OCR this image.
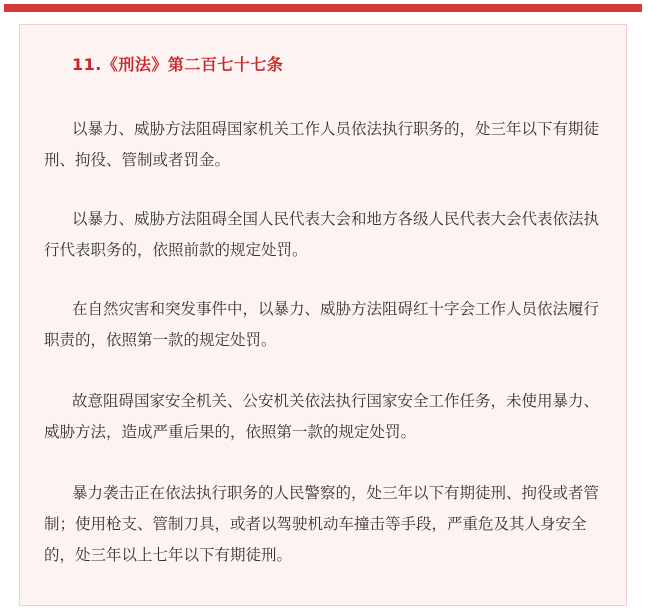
11.《刑法》第二百七十七条
以暴力、威胁方法阻碍国家机关工作人员依法执行职务的，处三年以下有期徒刑、拘役、管制或者罚金。
以暴力、威胁方法阻碍全国人民代表大会和地方各级人民代表大会代表依法执行代表职务的，依照前款的规定处罚。
在自然灾害和突发事件中，以暴力、威胁方法阻碍红十字会工作人员依法履行职责的，依照第一款的规定处罚。
故意阻碍国家安全机关、公安机关依法执行国家安全工作任务，未使用暴力、威胁方法，造成严重后果的，依照第一款的规定处罚。
暴力袭击正在依法执行职务的人民警察的，处三年以下有期徒刑、拘役或者管制；使用枪支、管制刀具，或者以驾驶机动车撞击等手段，严重危及其人身安全的，处三年以上七年以下有期徒刑。
